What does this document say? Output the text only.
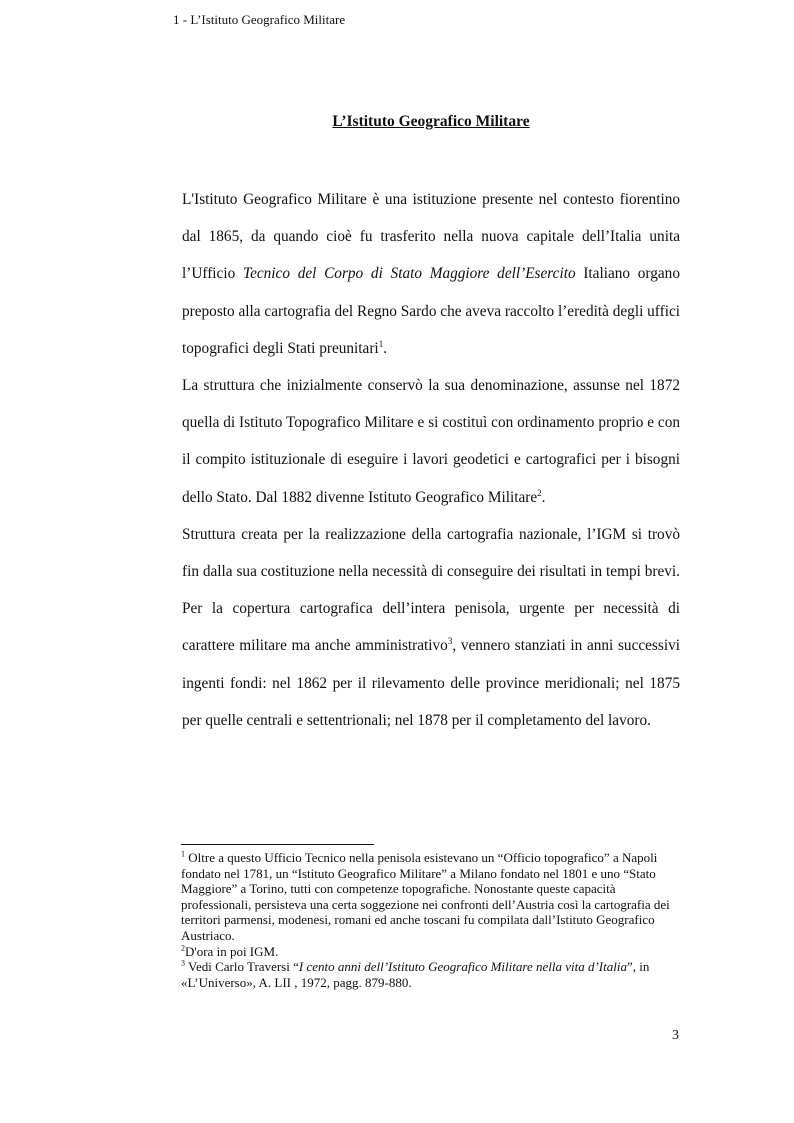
1 - L’Istituto Geografico Militare
L’Istituto Geografico Militare

L'Istituto Geografico Militare è una istituzione presente nel contesto fiorentino dal 1865, da quando cioè fu trasferito nella nuova capitale dell’Italia unita l’Ufficio Tecnico del Corpo di Stato Maggiore dell’Esercito Italiano organo preposto alla cartografia del Regno Sardo che aveva raccolto l’eredità degli uffici topografici degli Stati preunitari$^1$.

La struttura che inizialmente conservò la sua denominazione, assunse nel 1872 quella di Istituto Topografico Militare e si costituì con ordinamento proprio e con il compito istituzionale di eseguire i lavori geodetici e cartografici per i bisogni dello Stato. Dal 1882 divenne Istituto Geografico Militare$^2$.

Struttura creata per la realizzazione della cartografia nazionale, l’IGM si trovò fin dalla sua costituzione nella necessità di conseguire dei risultati in tempi brevi. Per la copertura cartografica dell’intera penisola, urgente per necessità di carattere militare ma anche amministrativo$^3$, vennero stanziati in anni successivi ingenti fondi: nel 1862 per il rilevamento delle province meridionali; nel 1875 per quelle centrali e settentrionali; nel 1878 per il completamento del lavoro.

$^1$ Oltre a questo Ufficio Tecnico nella penisola esistevano un “Officio topografico” a Napoli fondato nel 1781, un “Istituto Geografico Militare” a Milano fondato nel 1801 e uno “Stato Maggiore” a Torino, tutti con competenze topografiche. Nonostante queste capacità professionali, persisteva una certa soggezione nei confronti dell’Austria così la cartografia dei territori parmensi, modenesi, romani ed anche toscani fu compilata dall’Istituto Geografico Austriaco.

$^2$D'ora in poi IGM.

$^3$ Vedi Carlo Traversi “I cento anni dell’Istituto Geografico Militare nella vita d’Italia”, in «L’Universo», A. LII , 1972, pagg. 879-880.

3
